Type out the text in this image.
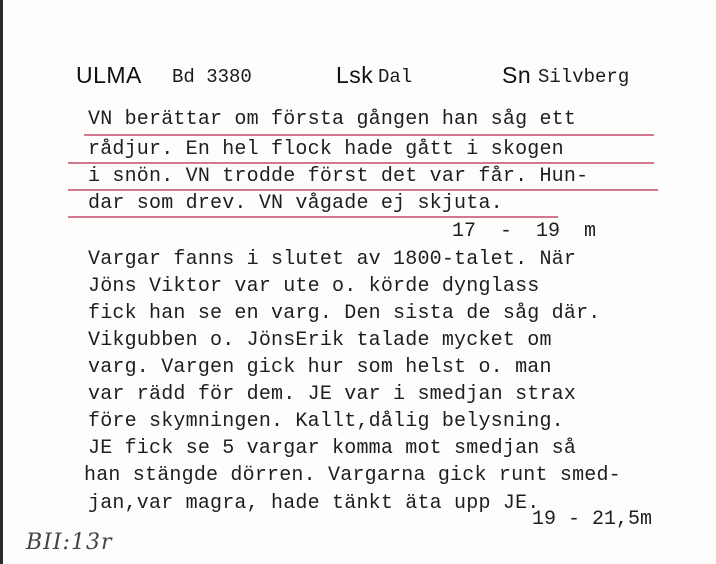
ULMA Bd 3380	Lsk Dal	Sn Silvberg
VN berättar om första gången han såg ett
rådjur. En hel flock hade gått i skogen
i snön. VN trodde först det var får. Hun-
dar som drev. VN vågade ej skjuta.
17  -  19  m
Vargar fanns i slutet av 1800-talet. När
Jöns Viktor var ute o. körde dynglass
fick han se en varg. Den sista de såg där.
Vikgubben o. JönsErik talade mycket om
varg. Vargen gick hur som helst o. man
var rädd för dem. JE var i smedjan strax
före skymningen. Kallt,dålig belysning.
JE fick se 5 vargar komma mot smedjan så
han stängde dörren. Vargarna gick runt smed-
jan,var magra, hade tänkt äta upp JE.
19 - 21,5m
BII:13r
